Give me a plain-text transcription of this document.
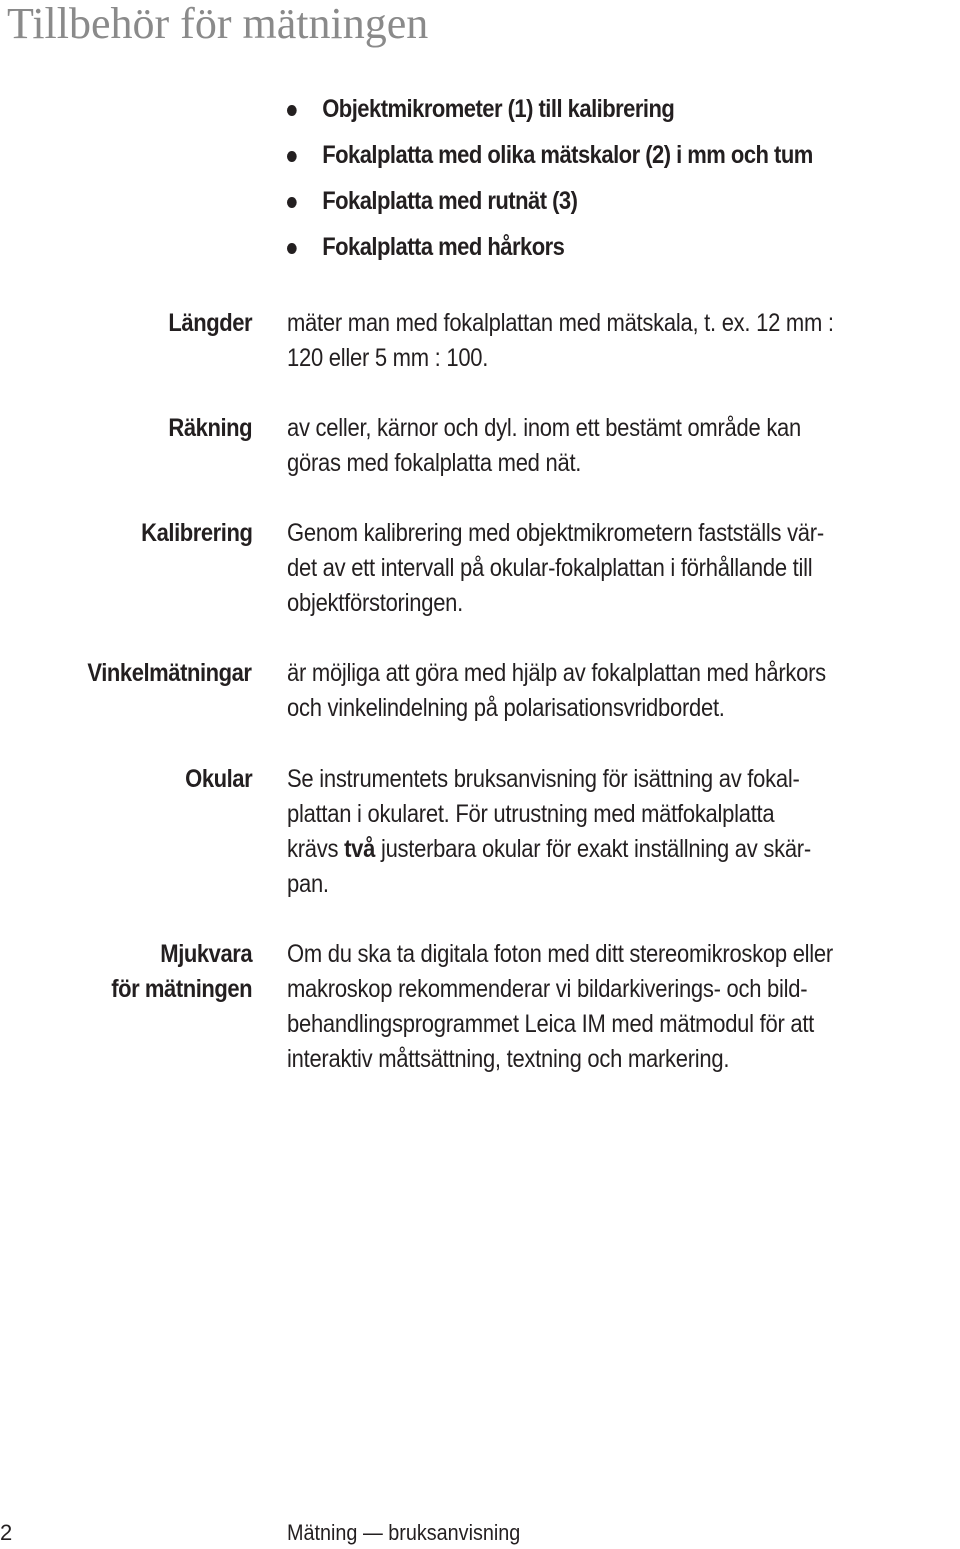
Tillbehör för mätningen
Objektmikrometer (1) till kalibrering
Fokalplatta med olika mätskalor (2) i mm och tum
Fokalplatta med rutnät (3)
Fokalplatta med hårkors
Längder mäter man med fokalplattan med mätskala, t. ex. 12 mm :
120 eller 5 mm : 100.
Räkning av celler, kärnor och dyl. inom ett bestämt område kan
göras med fokalplatta med nät.
Kalibrering Genom kalibrering med objektmikrometern fastställs vär-
det av ett intervall på okular-fokalplattan i förhållande till
objektförstoringen.
Vinkelmätningar är möjliga att göra med hjälp av fokalplattan med hårkors
och vinkelindelning på polarisationsvridbordet.
Okular Se instrumentets bruksanvisning för isättning av fokal-
plattan i okularet. För utrustning med mätfokalplatta
krävs två justerbara okular för exakt inställning av skär-
pan.
Mjukvara
för mätningen
Om du ska ta digitala foton med ditt stereomikroskop eller
makroskop rekommenderar vi bildarkiverings- och bild-
behandlingsprogrammet Leica IM med mätmodul för att
interaktiv måttsättning, textning och markering.
2	Mätning — bruksanvisning
